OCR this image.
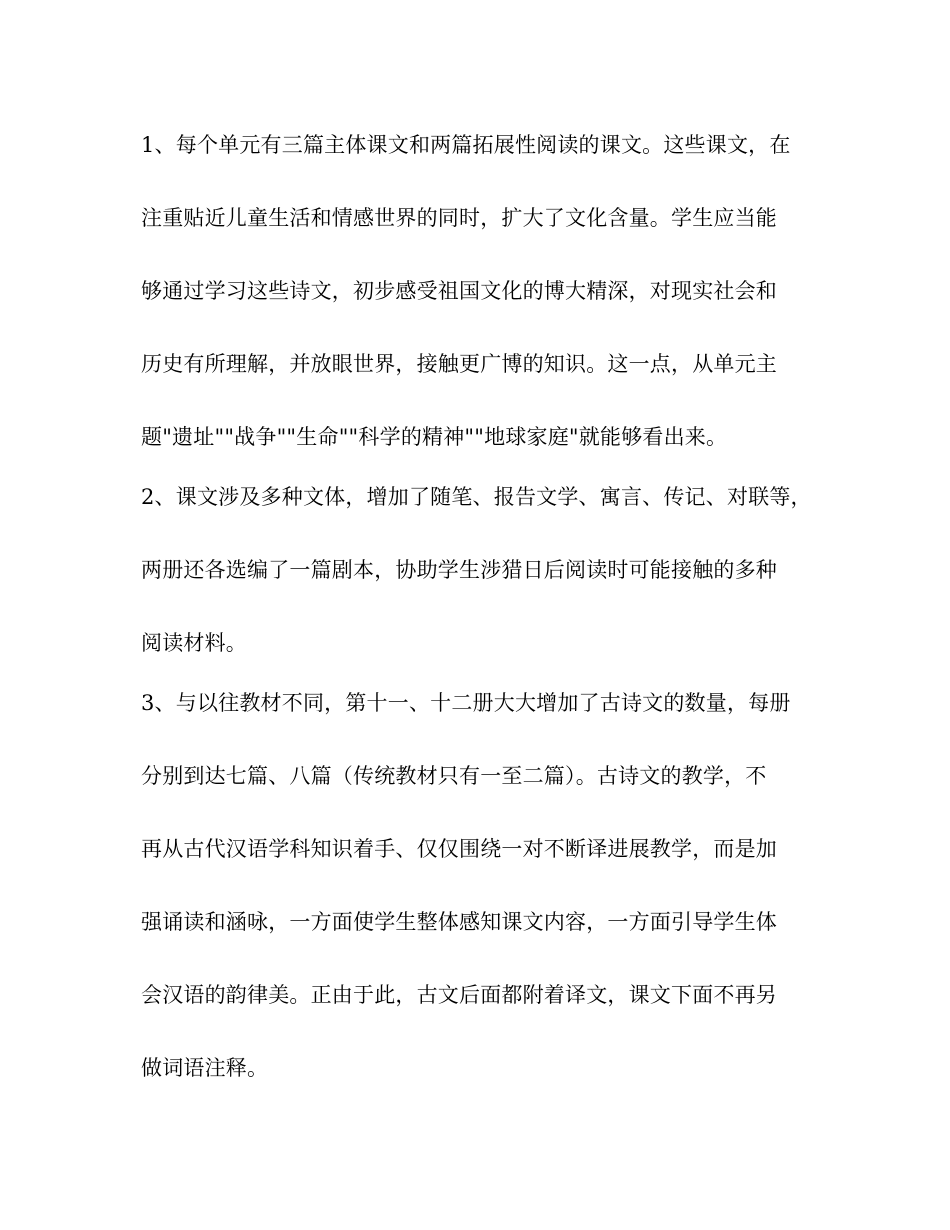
1、每个单元有三篇主体课文和两篇拓展性阅读的课文。这些课文，在
注重贴近儿童生活和情感世界的同时，扩大了文化含量。学生应当能
够通过学习这些诗文，初步感受祖国文化的博大精深，对现实社会和
历史有所理解，并放眼世界，接触更广博的知识。这一点，从单元主
题"遗址""战争""生命""科学的精神""地球家庭"就能够看出来。
2、课文涉及多种文体，增加了随笔、报告文学、寓言、传记、对联等，
两册还各选编了一篇剧本，协助学生涉猎日后阅读时可能接触的多种
阅读材料。
3、与以往教材不同，第十一、十二册大大增加了古诗文的数量，每册
分别到达七篇、八篇（传统教材只有一至二篇）。古诗文的教学，不
再从古代汉语学科知识着手、仅仅围绕一对不断译进展教学，而是加
强诵读和涵咏，一方面使学生整体感知课文内容，一方面引导学生体
会汉语的韵律美。正由于此，古文后面都附着译文，课文下面不再另
做词语注释。
